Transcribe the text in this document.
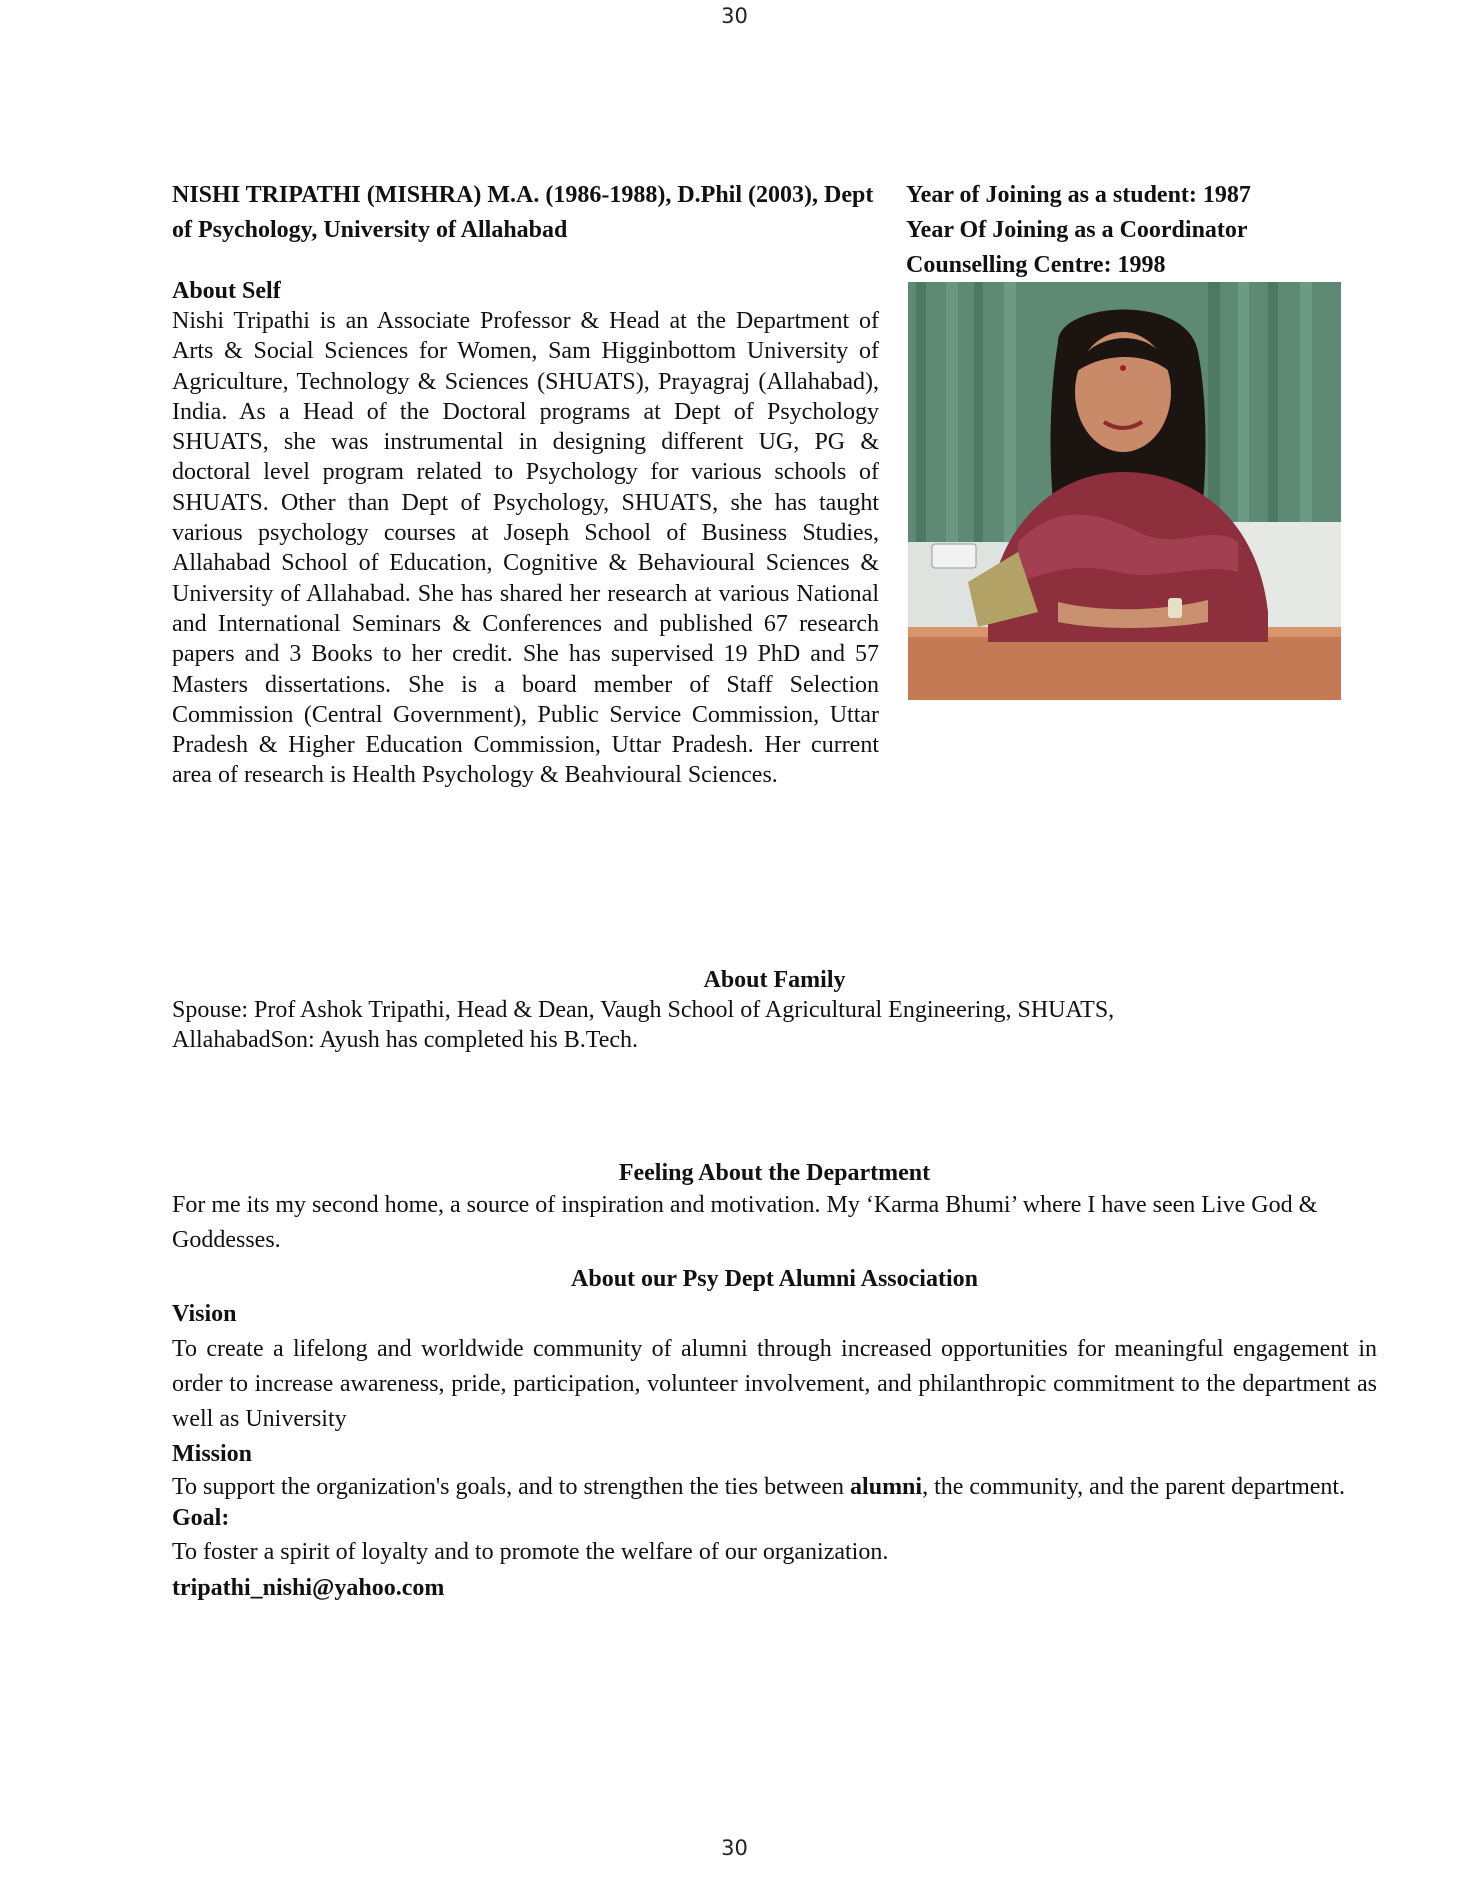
30

NISHI TRIPATHI (MISHRA) M.A. (1986-1988), D.Phil (2003), Dept of Psychology, University of Allahabad

About Self

Nishi Tripathi is an Associate Professor & Head at the Department of Arts & Social Sciences for Women, Sam Higginbottom University of Agriculture, Technology & Sciences (SHUATS), Prayagraj (Allahabad), India. As a Head of the Doctoral programs at Dept of Psychology SHUATS, she was instrumental in designing different UG, PG & doctoral level program related to Psychology for various schools of SHUATS. Other than Dept of Psychology, SHUATS, she has taught various psychology courses at Joseph School of Business Studies, Allahabad School of Education, Cognitive & Behavioural Sciences & University of Allahabad. She has shared her research at various National and International Seminars & Conferences and published 67 research papers and 3 Books to her credit. She has supervised 19 PhD and 57 Masters dissertations. She is a board member of Staff Selection Commission (Central Government), Public Service Commission, Uttar Pradesh & Higher Education Commission, Uttar Pradesh. Her current area of research is Health Psychology & Beahvioural Sciences.

Year of Joining as a student: 1987

Year Of Joining as a Coordinator Counselling Centre: 1998

About Family

Spouse: Prof Ashok Tripathi, Head & Dean, Vaugh School of Agricultural Engineering, SHUATS,

AllahabadSon: Ayush has completed his B.Tech.

Feeling About the Department

For me its my second home, a source of inspiration and motivation. My ‘Karma Bhumi’ where I have seen Live God & Goddesses.

About our Psy Dept Alumni Association

Vision

To create a lifelong and worldwide community of alumni through increased opportunities for meaningful engagement in order to increase awareness, pride, participation, volunteer involvement, and philanthropic commitment to the department as well as University

Mission

To support the organization's goals, and to strengthen the ties between alumni, the community, and the parent department.

Goal:

To foster a spirit of loyalty and to promote the welfare of our organization.

tripathi_nishi@yahoo.com

30
